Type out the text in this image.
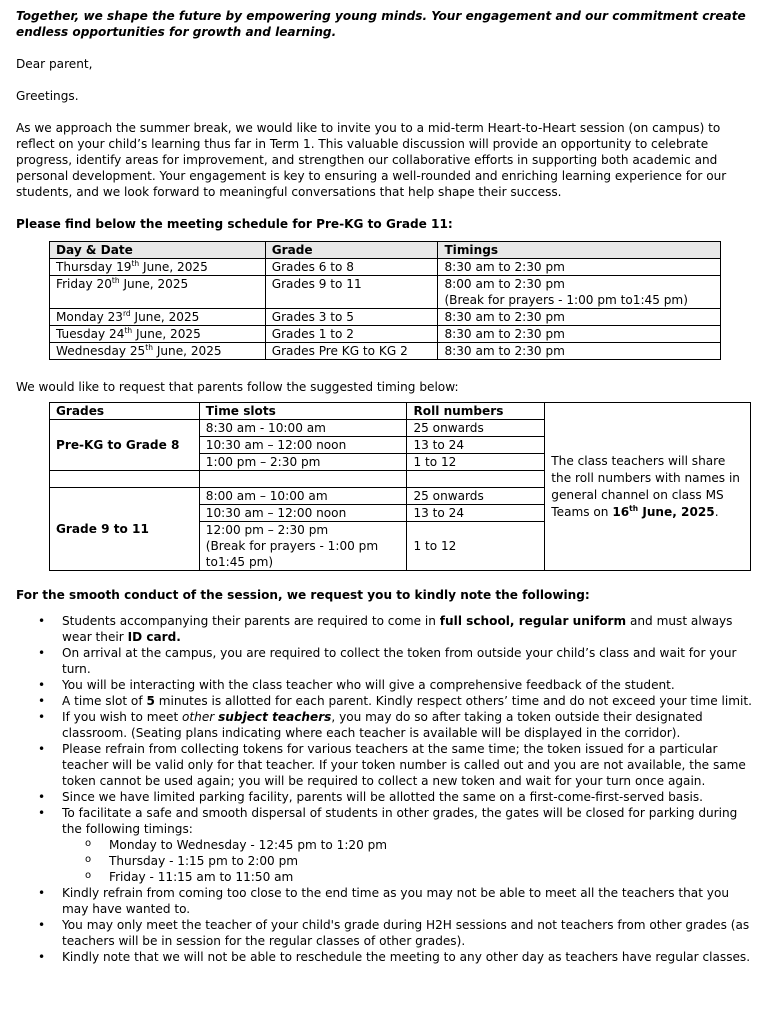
Together, we shape the future by empowering young minds. Your engagement and our commitment create endless opportunities for growth and learning.

Dear parent,

Greetings.

As we approach the summer break, we would like to invite you to a mid-term Heart-to-Heart session (on campus) to reflect on your child’s learning thus far in Term 1. This valuable discussion will provide an opportunity to celebrate progress, identify areas for improvement, and strengthen our collaborative efforts in supporting both academic and personal development. Your engagement is key to ensuring a well-rounded and enriching learning experience for our students, and we look forward to meaningful conversations that help shape their success.

Please find below the meeting schedule for Pre-KG to Grade 11:

Day & Date	Grade	Timings
Thursday 19th June, 2025	Grades 6 to 8	8:30 am to 2:30 pm
Friday 20th June, 2025	Grades 9 to 11	8:00 am to 2:30 pm
(Break for prayers - 1:00 pm to1:45 pm)

Monday 23rd June, 2025	Grades 3 to 5	8:30 am to 2:30 pm
Tuesday 24th June, 2025	Grades 1 to 2	8:30 am to 2:30 pm
Wednesday 25th June, 2025	Grades Pre KG to KG 2	8:30 am to 2:30 pm

We would like to request that parents follow the suggested timing below:

Grades	Time slots	Roll numbers	The class teachers will share the roll numbers with names in general channel on class MS Teams on 16th June, 2025.
Pre-KG to Grade 8	8:30 am - 10:00 am	25 onwards	
	10:30 am – 12:00 noon	13 to 24	
	1:00 pm – 2:30 pm	1 to 12	

Grade 9 to 11	8:00 am – 10:00 am	25 onwards	
	10:30 am – 12:00 noon	13 to 24	

	12:00 pm – 2:30 pm
(Break for prayers - 1:00 pm to1:45 pm)	1 to 12	

For the smooth conduct of the session, we request you to kindly note the following:

• Students accompanying their parents are required to come in full school, regular uniform and must always wear their ID card.
• On arrival at the campus, you are required to collect the token from outside your child’s class and wait for your turn.
• You will be interacting with the class teacher who will give a comprehensive feedback of the student.
• A time slot of 5 minutes is allotted for each parent. Kindly respect others’ time and do not exceed your time limit.
• If you wish to meet other subject teachers, you may do so after taking a token outside their designated classroom. (Seating plans indicating where each teacher is available will be displayed in the corridor).
• Please refrain from collecting tokens for various teachers at the same time; the token issued for a particular teacher will be valid only for that teacher. If your token number is called out and you are not available, the same token cannot be used again; you will be required to collect a new token and wait for your turn once again.
• Since we have limited parking facility, parents will be allotted the same on a first-come-first-served basis.
• To facilitate a safe and smooth dispersal of students in other grades, the gates will be closed for parking during the following timings:
o Monday to Wednesday - 12:45 pm to 1:20 pm
o Thursday - 1:15 pm to 2:00 pm
o Friday - 11:15 am to 11:50 am
• Kindly refrain from coming too close to the end time as you may not be able to meet all the teachers that you may have wanted to.
• You may only meet the teacher of your child's grade during H2H sessions and not teachers from other grades (as teachers will be in session for the regular classes of other grades).
• Kindly note that we will not be able to reschedule the meeting to any other day as teachers have regular classes.
